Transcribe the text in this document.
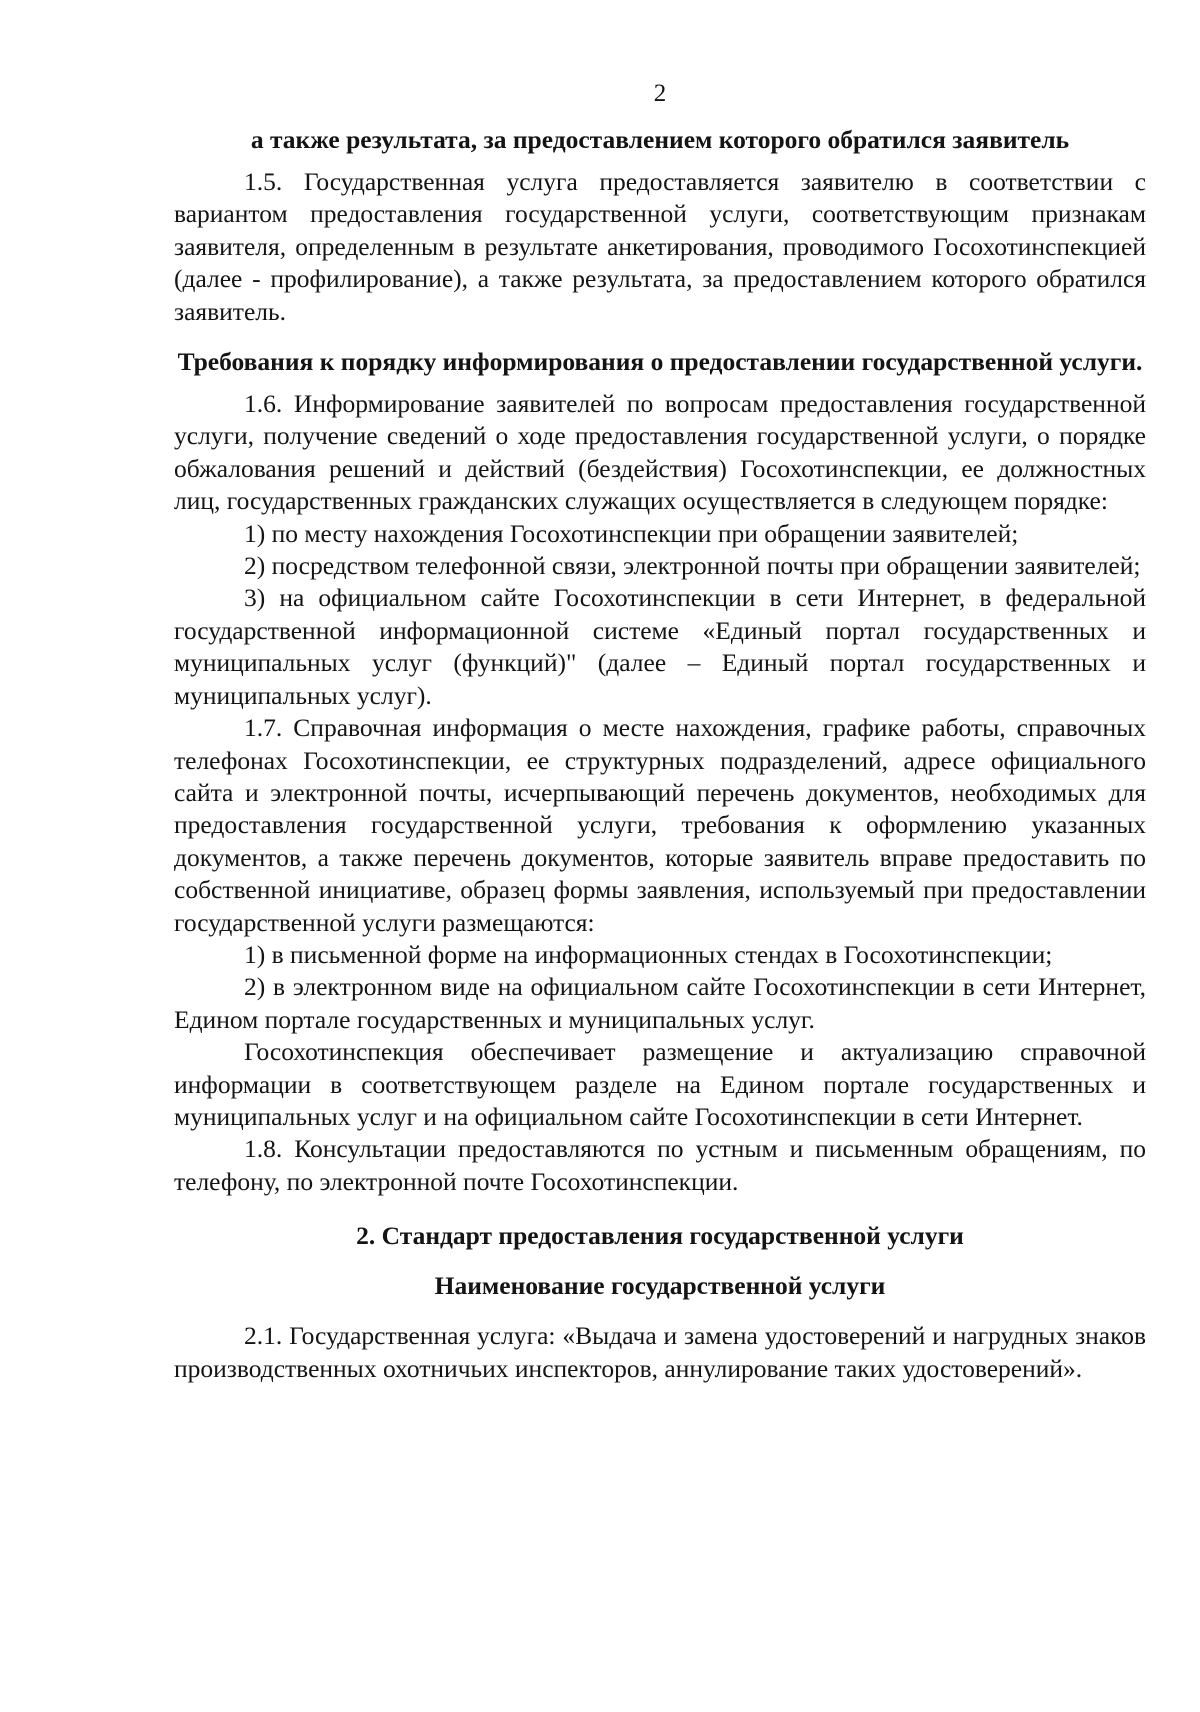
2

а также результата, за предоставлением которого обратился заявитель

1.5. Государственная услуга предоставляется заявителю в соответствии с вариантом предоставления государственной услуги, соответствующим признакам заявителя, определенным в результате анкетирования, проводимого Госохотинспекцией (далее - профилирование), а также результата, за предоставлением которого обратился заявитель.

Требования к порядку информирования о предоставлении государственной услуги.

1.6. Информирование заявителей по вопросам предоставления государственной услуги, получение сведений о ходе предоставления государственной услуги, о порядке обжалования решений и действий (бездействия) Госохотинспекции, ее должностных лиц, государственных гражданских служащих осуществляется в следующем порядке:

1) по месту нахождения Госохотинспекции при обращении заявителей;

2) посредством телефонной связи, электронной почты при обращении заявителей;

3) на официальном сайте Госохотинспекции в сети Интернет, в федеральной государственной информационной системе «Единый портал государственных и муниципальных услуг (функций)" (далее – Единый портал государственных и муниципальных услуг).

1.7. Справочная информация о месте нахождения, графике работы, справочных телефонах Госохотинспекции, ее структурных подразделений, адресе официального сайта и электронной почты, исчерпывающий перечень документов, необходимых для предоставления государственной услуги, требования к оформлению указанных документов, а также перечень документов, которые заявитель вправе предоставить по собственной инициативе, образец формы заявления, используемый при предоставлении государственной услуги размещаются:

1) в письменной форме на информационных стендах в Госохотинспекции;

2) в электронном виде на официальном сайте Госохотинспекции в сети Интернет, Едином портале государственных и муниципальных услуг.

Госохотинспекция обеспечивает размещение и актуализацию справочной информации в соответствующем разделе на Едином портале государственных и муниципальных услуг и на официальном сайте Госохотинспекции в сети Интернет.

1.8. Консультации предоставляются по устным и письменным обращениям, по телефону, по электронной почте Госохотинспекции.

2. Стандарт предоставления государственной услуги

Наименование государственной услуги

2.1. Государственная услуга: «Выдача и замена удостоверений и нагрудных знаков производственных охотничьих инспекторов, аннулирование таких удостоверений».
